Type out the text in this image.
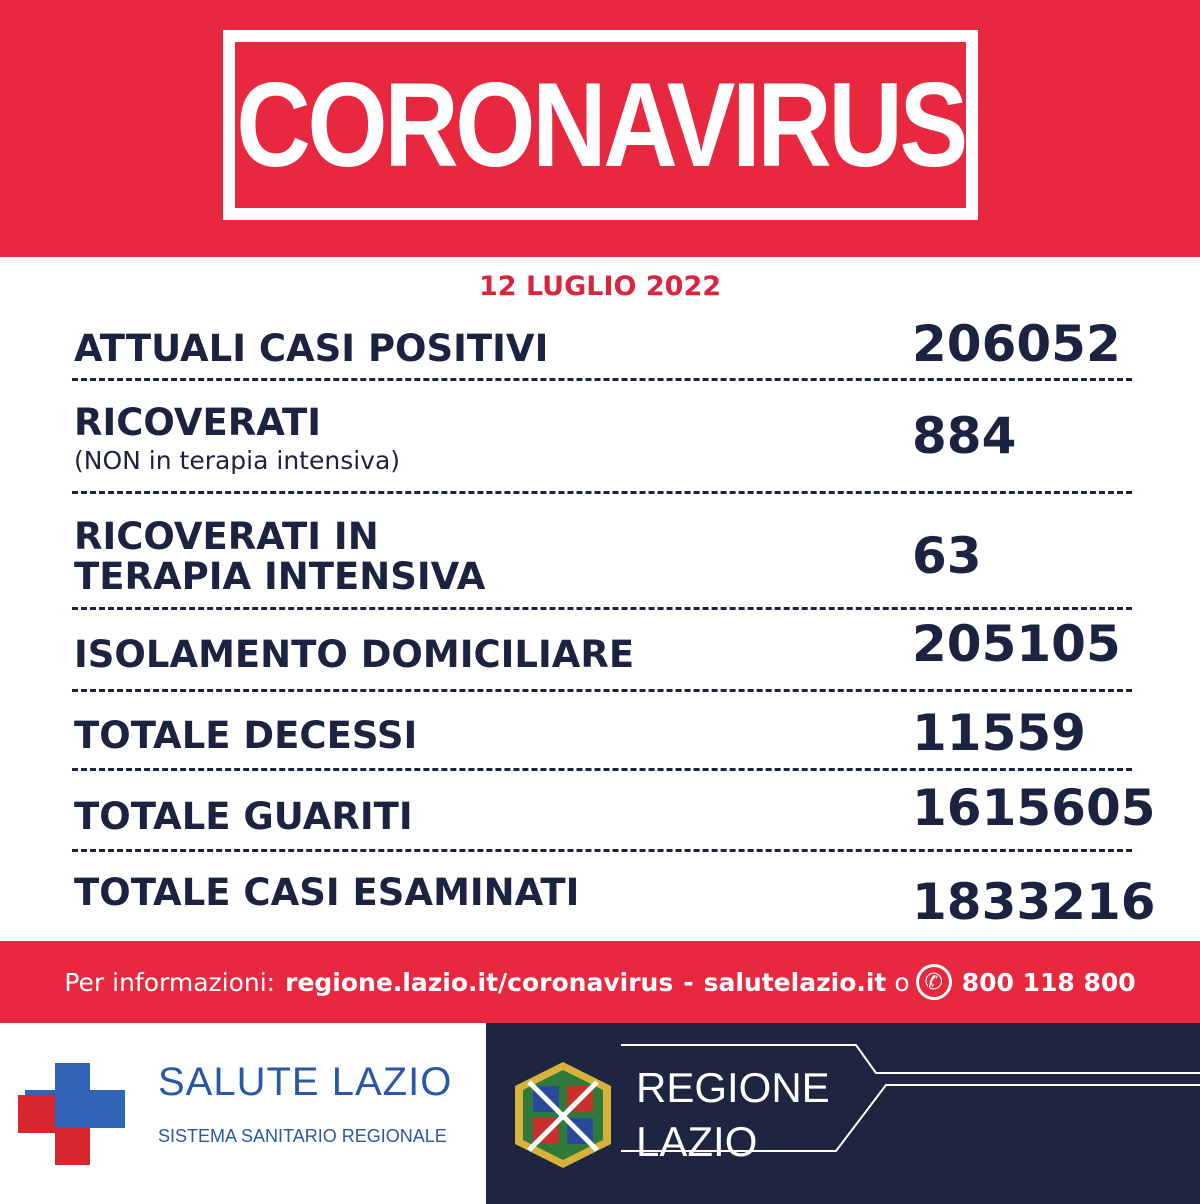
CORONAVIRUS
12 LUGLIO 2022
ATTUALI CASI POSITIVI	206052
RICOVERATI
(NON in terapia intensiva)	884
RICOVERATI IN
TERAPIA INTENSIVA	63
ISOLAMENTO DOMICILIARE	205105
TOTALE DECESSI	11559
TOTALE GUARITI	1615605
TOTALE CASI ESAMINATI	1833216
Per informazioni: regione.lazio.it/coronavirus - salutelazio.it o ✆ 800 118 800
SALUTE LAZIO
SISTEMA SANITARIO REGIONALE
REGIONE
LAZIO
